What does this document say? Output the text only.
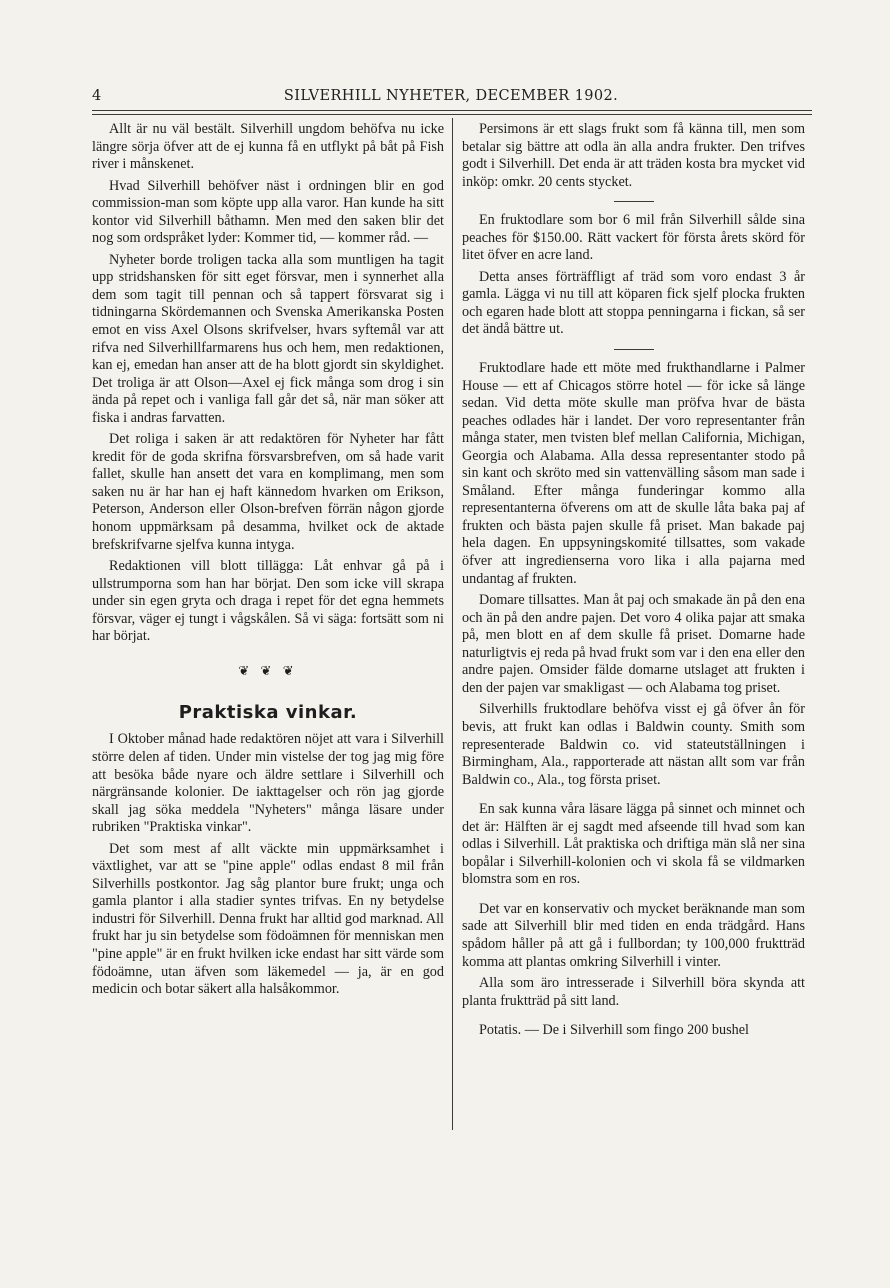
4	SILVERHILL NYHETER, DECEMBER 1902.

Allt är nu väl bestält. Silverhill ungdom behöfva nu icke längre sörja öfver att de ej kunna få en utflykt på båt på Fish river i månskenet.

Hvad Silverhill behöfver näst i ordningen blir en god commission-man som köpte upp alla varor. Han kunde ha sitt kontor vid Silverhill båthamn. Men med den saken blir det nog som ordspråket lyder: Kommer tid, — kommer råd. —

Nyheter borde troligen tacka alla som muntligen ha tagit upp stridshansken för sitt eget försvar, men i synnerhet alla dem som tagit till pennan och så tappert försvarat sig i tidningarna Skördemannen och Svenska Amerikanska Posten emot en viss Axel Olsons skrifvelser, hvars syftemål var att rifva ned Silverhillfarmarens hus och hem, men redaktionen, kan ej, emedan han anser att de ha blott gjordt sin skyldighet. Det troliga är att Olson—Axel ej fick många som drog i sin ända på repet och i vanliga fall går det så, när man söker att fiska i andras farvatten.

Det roliga i saken är att redaktören för Nyheter har fått kredit för de goda skrifna försvarsbrefven, om så hade varit fallet, skulle han ansett det vara en komplimang, men som saken nu är har han ej haft kännedom hvarken om Erikson, Peterson, Anderson eller Olson-brefven förrän någon gjorde honom uppmärksam på desamma, hvilket ock de aktade brefskrifvarne sjelfva kunna intyga.

Redaktionen vill blott tillägga: Låt enhvar gå på i ullstrumporna som han har börjat. Den som icke vill skrapa under sin egen gryta och draga i repet för det egna hemmets försvar, väger ej tungt i vågskålen. Så vi säga: fortsätt som ni har börjat.

❦ ❦ ❦
Praktiska vinkar.

I Oktober månad hade redaktören nöjet att vara i Silverhill större delen af tiden. Under min vistelse der tog jag mig före att besöka både nyare och äldre settlare i Silverhill och närgränsande kolonier. De iakttagelser och rön jag gjorde skall jag söka meddela "Nyheters" många läsare under rubriken "Praktiska vinkar".

Det som mest af allt väckte min uppmärksamhet i växtlighet, var att se "pine apple" odlas endast 8 mil från Silverhills postkontor. Jag såg plantor bure frukt; unga och gamla plantor i alla stadier syntes trifvas. En ny betydelse industri för Silverhill. Denna frukt har alltid god marknad. All frukt har ju sin betydelse som födoämnen för menniskan men "pine apple" är en frukt hvilken icke endast har sitt värde som födoämne, utan äfven som läkemedel — ja, är en god medicin och botar säkert alla halsåkommor.

Persimons är ett slags frukt som få känna till, men som betalar sig bättre att odla än alla andra frukter. Den trifves godt i Silverhill. Det enda är att träden kosta bra mycket vid inköp: omkr. 20 cents stycket.

En fruktodlare som bor 6 mil från Silverhill sålde sina peaches för $150.00. Rätt vackert för första årets skörd för litet öfver en acre land.

Detta anses förträffligt af träd som voro endast 3 år gamla. Lägga vi nu till att köparen fick sjelf plocka frukten och egaren hade blott att stoppa penningarna i fickan, så ser det ändå bättre ut.

Fruktodlare hade ett möte med frukthandlarne i Palmer House — ett af Chicagos större hotel — för icke så länge sedan. Vid detta möte skulle man pröfva hvar de bästa peaches odlades här i landet. Der voro representanter från många stater, men tvisten blef mellan California, Michigan, Georgia och Alabama. Alla dessa representanter stodo på sin kant och skröto med sin vattenvälling såsom man sade i Småland. Efter många funderingar kommo alla representanterna öfverens om att de skulle låta baka paj af frukten och bästa pajen skulle få priset. Man bakade paj hela dagen. En uppsyningskomité tillsattes, som vakade öfver att ingredienserna voro lika i alla pajarna med undantag af frukten.

Domare tillsattes. Man åt paj och smakade än på den ena och än på den andre pajen. Det voro 4 olika pajar att smaka på, men blott en af dem skulle få priset. Domarne hade naturligtvis ej reda på hvad frukt som var i den ena eller den andre pajen. Omsider fälde domarne utslaget att frukten i den der pajen var smakligast — och Alabama tog priset.

Silverhills fruktodlare behöfva visst ej gå öfver ån för bevis, att frukt kan odlas i Baldwin county. Smith som representerade Baldwin co. vid stateutställningen i Birmingham, Ala., rapporterade att nästan allt som var från Baldwin co., Ala., tog första priset.

En sak kunna våra läsare lägga på sinnet och minnet och det är: Hälften är ej sagdt med afseende till hvad som kan odlas i Silverhill. Låt praktiska och driftiga män slå ner sina bopålar i Silverhill-kolonien och vi skola få se vildmarken blomstra som en ros.

Det var en konservativ och mycket beräknande man som sade att Silverhill blir med tiden en enda trädgård. Hans spådom håller på att gå i fullbordan; ty 100,000 fruktträd komma att plantas omkring Silverhill i vinter.

Alla som äro intresserade i Silverhill böra skynda att planta fruktträd på sitt land.

Potatis. — De i Silverhill som fingo 200 bushel
